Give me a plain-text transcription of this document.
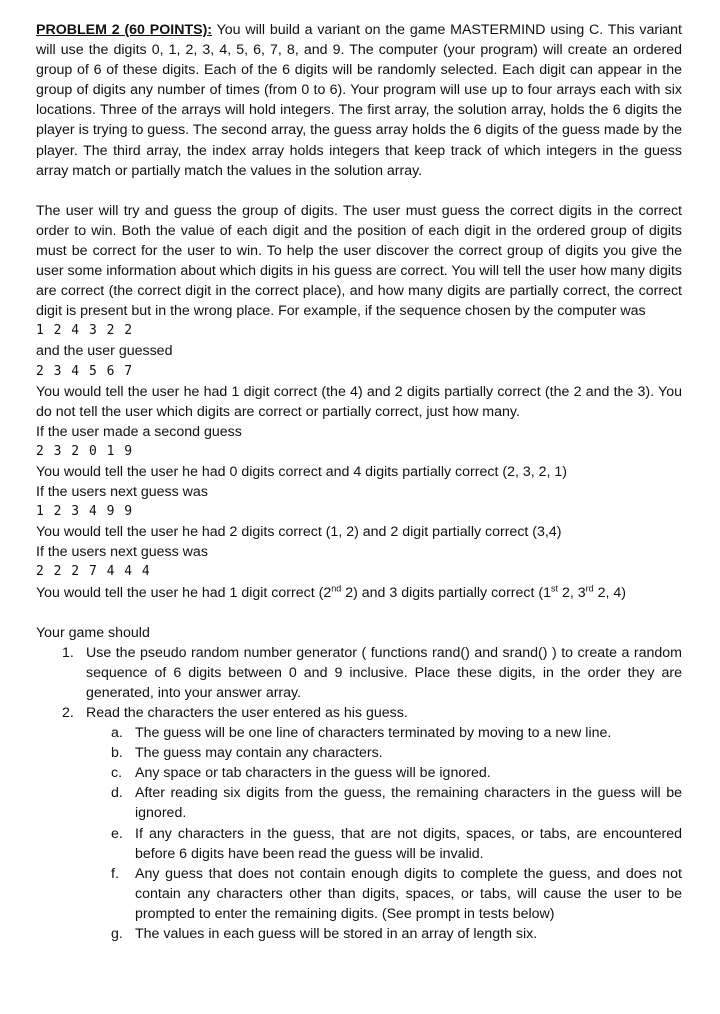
PROBLEM 2 (60 POINTS): You will build a variant on the game MASTERMIND using C. This variant will use the digits 0, 1, 2, 3, 4, 5, 6, 7, 8, and 9. The computer (your program) will create an ordered group of 6 of these digits. Each of the 6 digits will be randomly selected. Each digit can appear in the group of digits any number of times (from 0 to 6). Your program will use up to four arrays each with six locations. Three of the arrays will hold integers. The first array, the solution array, holds the 6 digits the player is trying to guess. The second array, the guess array holds the 6 digits of the guess made by the player. The third array, the index array holds integers that keep track of which integers in the guess array match or partially match the values in the solution array.

The user will try and guess the group of digits. The user must guess the correct digits in the correct order to win. Both the value of each digit and the position of each digit in the ordered group of digits must be correct for the user to win. To help the user discover the correct group of digits you give the user some information about which digits in his guess are correct. You will tell the user how many digits are correct (the correct digit in the correct place), and how many digits are partially correct, the correct digit is present but in the wrong place. For example, if the sequence chosen by the computer was

1 2 4 3 2 2

and the user guessed

2 3 4 5 6 7

You would tell the user he had 1 digit correct (the 4) and 2 digits partially correct (the 2 and the 3). You do not tell the user which digits are correct or partially correct, just how many.

If the user made a second guess

2 3 2 0 1 9

You would tell the user he had 0 digits correct and 4 digits partially correct (2, 3, 2, 1)

If the users next guess was

1 2 3 4 9 9

You would tell the user he had 2 digits correct (1, 2) and 2 digit partially correct (3,4)

If the users next guess was

2 2 2 7 4 4 4

You would tell the user he had 1 digit correct (2nd 2) and 3 digits partially correct (1st 2, 3rd 2, 4)

Your game should

1. Use the pseudo random number generator ( functions rand() and srand() ) to create a random sequence of 6 digits between 0 and 9 inclusive. Place these digits, in the order they are generated, into your answer array.
2. Read the characters the user entered as his guess.
a. The guess will be one line of characters terminated by moving to a new line.
b. The guess may contain any characters.
c. Any space or tab characters in the guess will be ignored.
d. After reading six digits from the guess, the remaining characters in the guess will be ignored.
e. If any characters in the guess, that are not digits, spaces, or tabs, are encountered before 6 digits have been read the guess will be invalid.
f. Any guess that does not contain enough digits to complete the guess, and does not contain any characters other than digits, spaces, or tabs, will cause the user to be prompted to enter the remaining digits. (See prompt in tests below)
g. The values in each guess will be stored in an array of length six.
